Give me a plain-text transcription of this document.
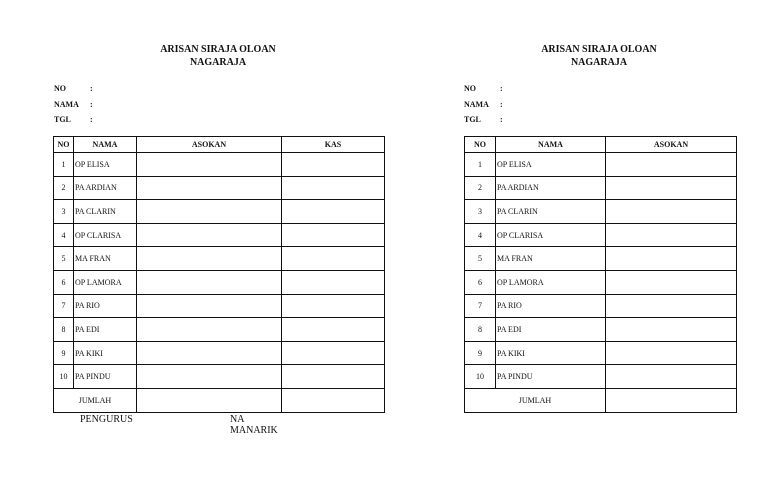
ARISAN SIRAJA OLOAN
NAGARAJA
NO	:
NAMA	:
TGL	:
NO	NAMA	ASOKAN	KAS
1	OP ELISA		
2	PA ARDIAN		
3	PA CLARIN		
4	OP CLARISA		
5	MA FRAN		
6	OP LAMORA		
7	PA RIO		
8	PA EDI		
9	PA KIKI		
10	PA PINDU		
JUMLAH			
PENGURUS	NA MANARIK
ARISAN SIRAJA OLOAN
NAGARAJA
NO	:
NAMA	:
TGL	:
NO	NAMA	ASOKAN
1	OP ELISA	
2	PA ARDIAN	
3	PA CLARIN	
4	OP CLARISA	
5	MA FRAN	
6	OP LAMORA	
7	PA RIO	
8	PA EDI	
9	PA KIKI	
10	PA PINDU	
JUMLAH		
